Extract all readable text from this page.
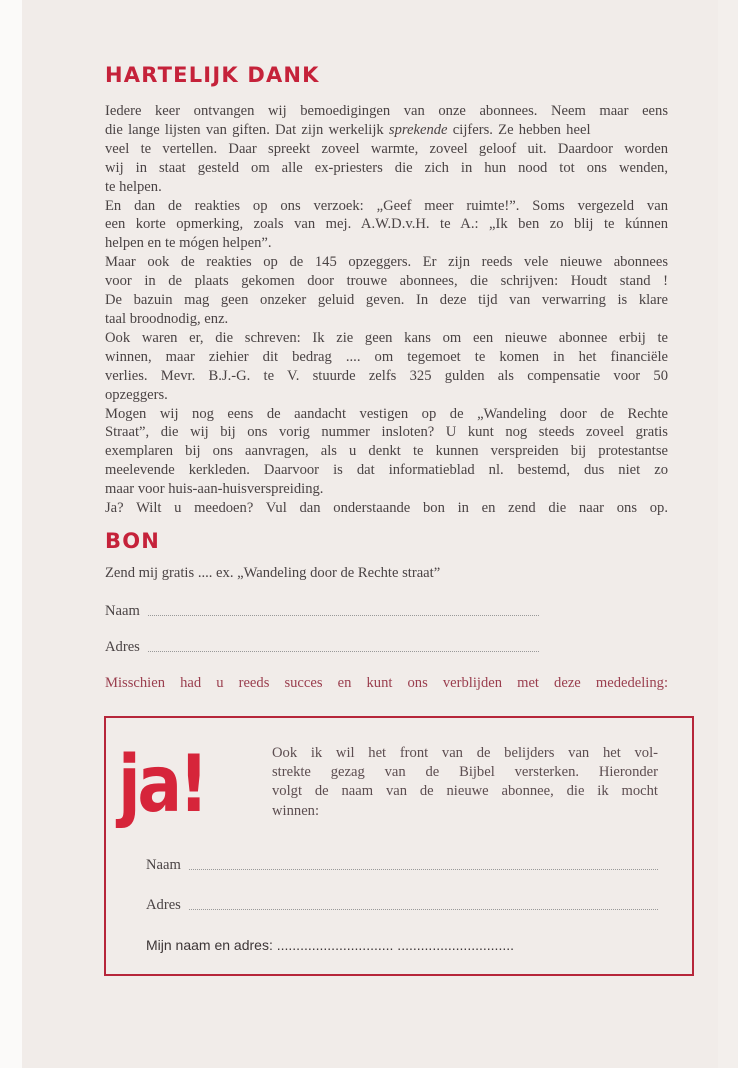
HARTELIJK DANK
Iedere keer ontvangen wij bemoedigingen van onze abonnees. Neem maar eens
die lange lijsten van giften. Dat zijn werkelijk sprekende cijfers. Ze hebben heel
veel te vertellen. Daar spreekt zoveel warmte, zoveel geloof uit. Daardoor worden
wij in staat gesteld om alle ex-priesters die zich in hun nood tot ons wenden,
te helpen.
En dan de reakties op ons verzoek: „Geef meer ruimte!”. Soms vergezeld van
een korte opmerking, zoals van mej. A.W.D.v.H. te A.: „Ik ben zo blij te kúnnen
helpen en te mógen helpen”.
Maar ook de reakties op de 145 opzeggers. Er zijn reeds vele nieuwe abonnees
voor in de plaats gekomen door trouwe abonnees, die schrijven: Houdt stand !
De bazuin mag geen onzeker geluid geven. In deze tijd van verwarring is klare
taal broodnodig, enz.
Ook waren er, die schreven: Ik zie geen kans om een nieuwe abonnee erbij te
winnen, maar ziehier dit bedrag .... om tegemoet te komen in het financiële
verlies. Mevr. B.J.-G. te V. stuurde zelfs 325 gulden als compensatie voor 50
opzeggers.
Mogen wij nog eens de aandacht vestigen op de „Wandeling door de Rechte
Straat”, die wij bij ons vorig nummer insloten? U kunt nog steeds zoveel gratis
exemplaren bij ons aanvragen, als u denkt te kunnen verspreiden bij protestantse
meelevende kerkleden. Daarvoor is dat informatieblad nl. bestemd, dus niet zo
maar voor huis-aan-huisverspreiding.
Ja? Wilt u meedoen? Vul dan onderstaande bon in en zend die naar ons op.
BON
Zend mij gratis .... ex. „Wandeling door de Rechte straat”
Naam
Adres
Misschien had u reeds succes en kunt ons verblijden met deze mededeling:
ja!	Ook ik wil het front van de belijders van het vol-
strekte gezag van de Bijbel versterken. Hieronder
volgt de naam van de nieuwe abonnee, die ik mocht
winnen:
Naam
Adres
Mijn naam en adres: .............................. ..............................
